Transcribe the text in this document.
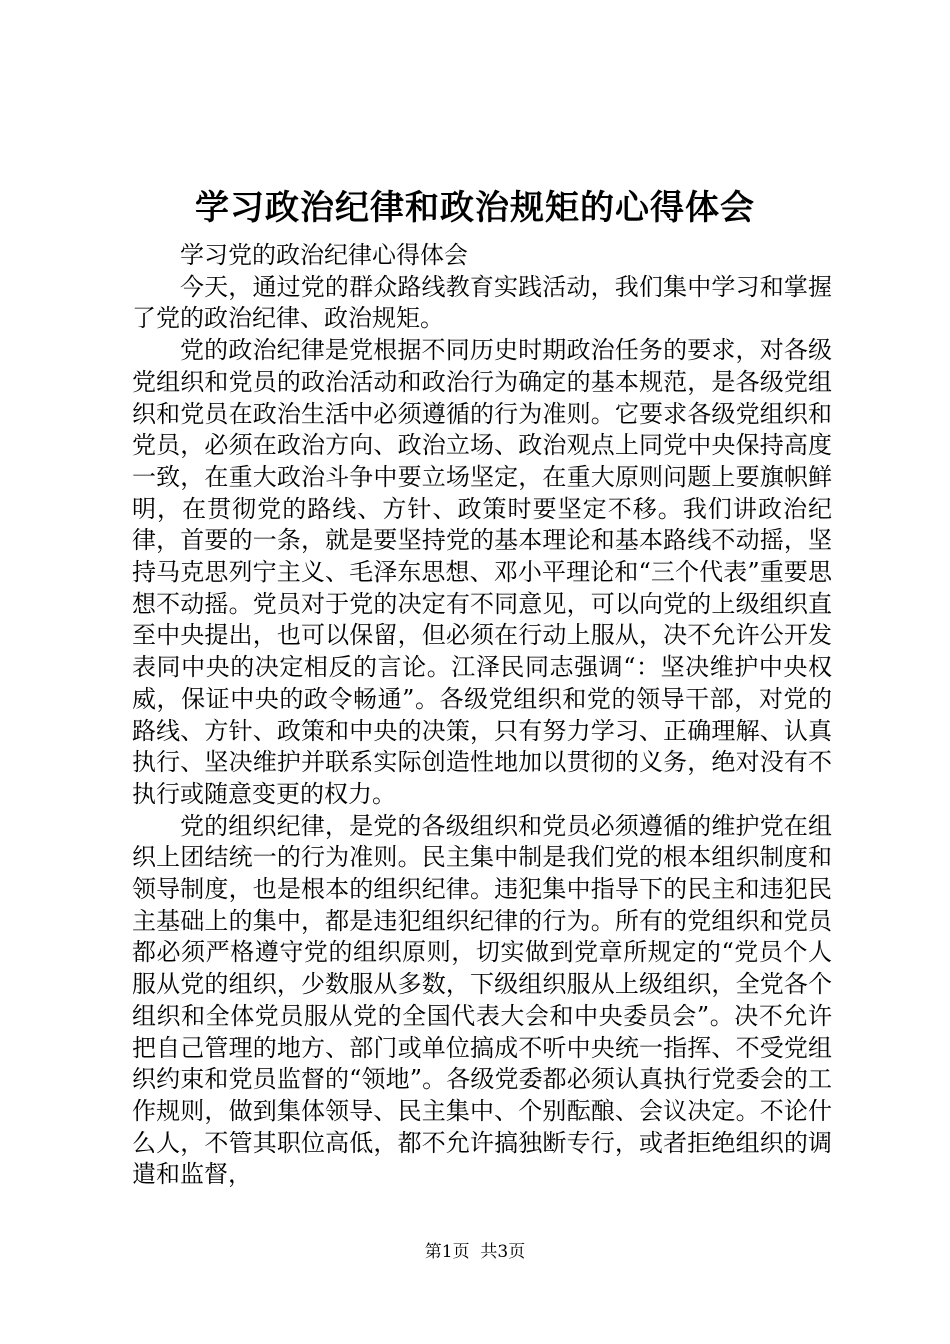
学习政治纪律和政治规矩的心得体会

学习党的政治纪律心得体会

今天，通过党的群众路线教育实践活动，我们集中学习和掌握了党的政治纪律、政治规矩。

党的政治纪律是党根据不同历史时期政治任务的要求，对各级党组织和党员的政治活动和政治行为确定的基本规范，是各级党组织和党员在政治生活中必须遵循的行为准则。它要求各级党组织和党员，必须在政治方向、政治立场、政治观点上同党中央保持高度一致，在重大政治斗争中要立场坚定，在重大原则问题上要旗帜鲜明，在贯彻党的路线、方针、政策时要坚定不移。我们讲政治纪律，首要的一条，就是要坚持党的基本理论和基本路线不动摇，坚持马克思列宁主义、毛泽东思想、邓小平理论和“三个代表”重要思想不动摇。党员对于党的决定有不同意见，可以向党的上级组织直至中央提出，也可以保留，但必须在行动上服从，决不允许公开发表同中央的决定相反的言论。江泽民同志强调“：坚决维护中央权威，保证中央的政令畅通”。各级党组织和党的领导干部，对党的路线、方针、政策和中央的决策，只有努力学习、正确理解、认真执行、坚决维护并联系实际创造性地加以贯彻的义务，绝对没有不执行或随意变更的权力。

党的组织纪律，是党的各级组织和党员必须遵循的维护党在组织上团结统一的行为准则。民主集中制是我们党的根本组织制度和领导制度，也是根本的组织纪律。违犯集中指导下的民主和违犯民主基础上的集中，都是违犯组织纪律的行为。所有的党组织和党员都必须严格遵守党的组织原则，切实做到党章所规定的“党员个人服从党的组织，少数服从多数，下级组织服从上级组织，全党各个组织和全体党员服从党的全国代表大会和中央委员会”。决不允许把自己管理的地方、部门或单位搞成不听中央统一指挥、不受党组织约束和党员监督的“领地”。各级党委都必须认真执行党委会的工作规则，做到集体领导、民主集中、个别酝酿、会议决定。不论什么人，不管其职位高低，都不允许搞独断专行，或者拒绝组织的调遣和监督，

第1页 共3页
